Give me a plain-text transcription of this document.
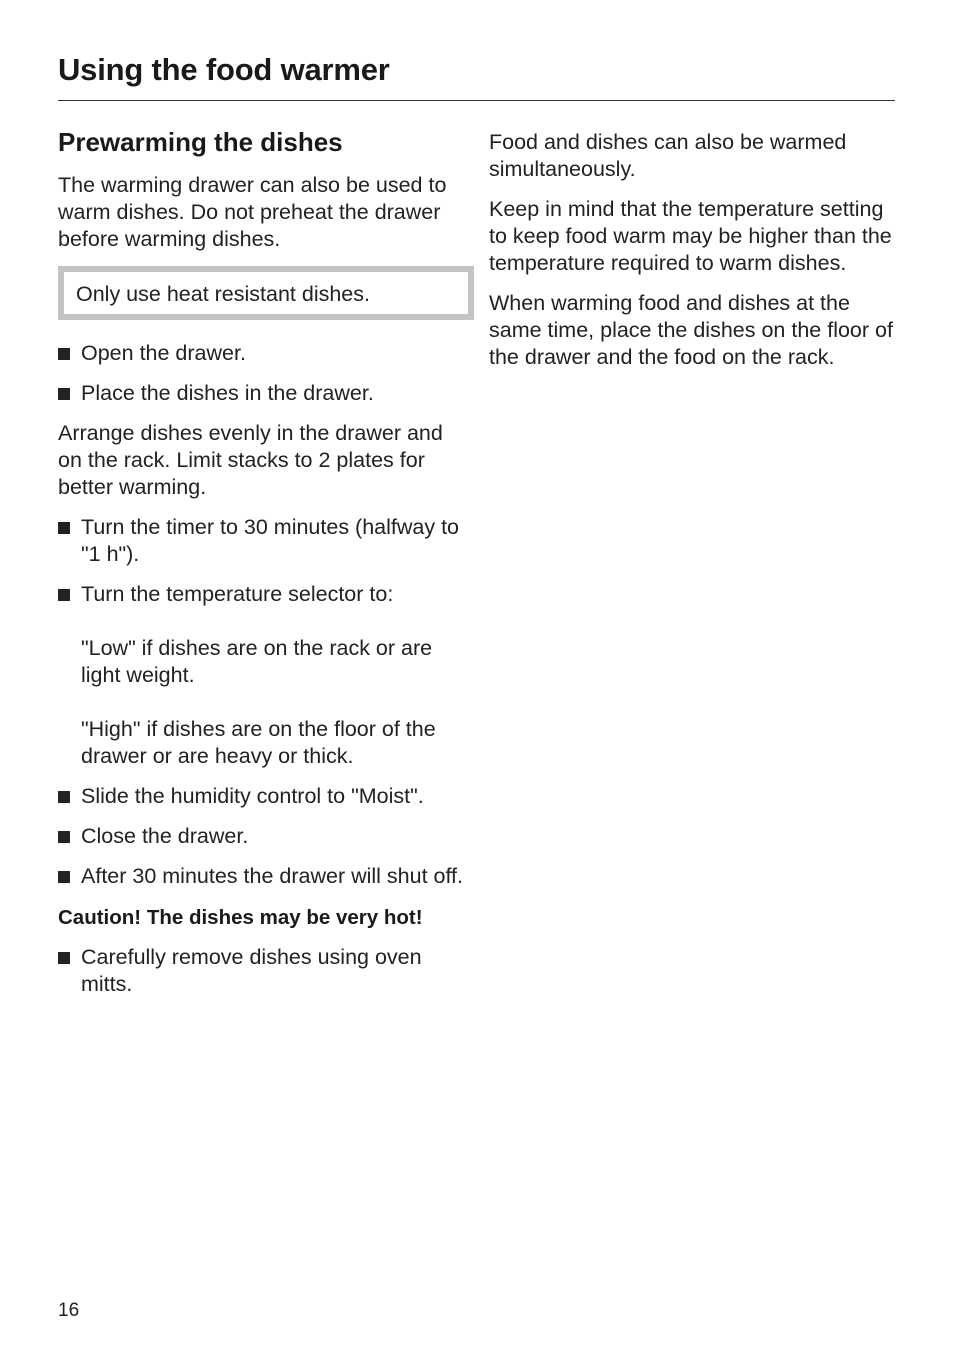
Using the food warmer
Prewarming the dishes

The warming drawer can also be used to warm dishes. Do not preheat the drawer before warming dishes.

Only use heat resistant dishes.
Open the drawer.
Place the dishes in the drawer.

Arrange dishes evenly in the drawer and on the rack. Limit stacks to 2 plates for better warming.

Turn the timer to 30 minutes (halfway to "1 h").
Turn the temperature selector to:
"Low" if dishes are on the rack or are light weight.
"High" if dishes are on the floor of the drawer or are heavy or thick.
Slide the humidity control to "Moist".
Close the drawer.
After 30 minutes the drawer will shut off.
Caution! The dishes may be very hot!
Carefully remove dishes using oven mitts.

Food and dishes can also be warmed simultaneously.

Keep in mind that the temperature setting to keep food warm may be higher than the temperature required to warm dishes.

When warming food and dishes at the same time, place the dishes on the floor of the drawer and the food on the rack.

16
